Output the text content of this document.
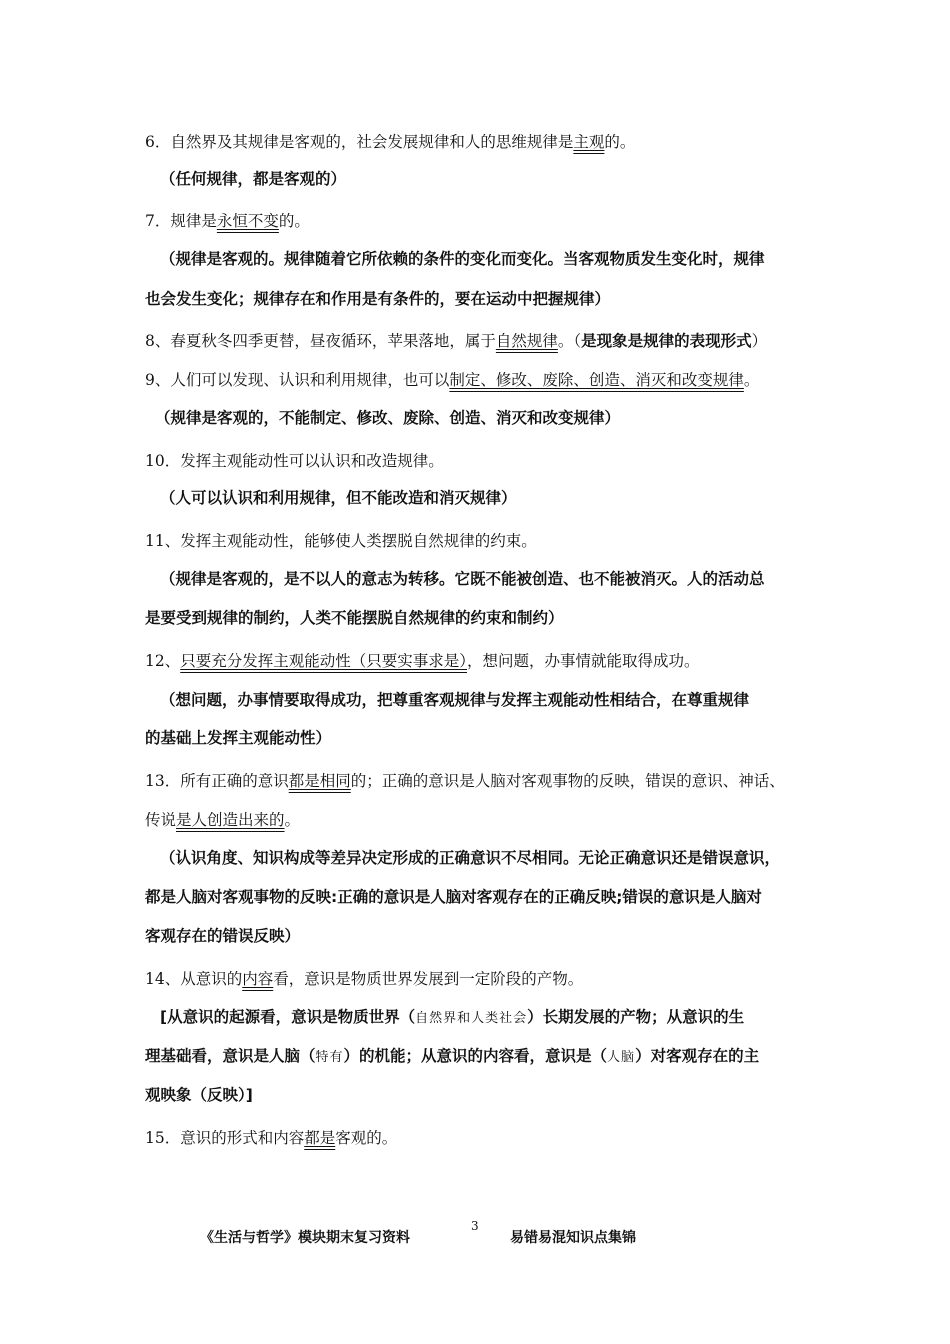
6．自然界及其规律是客观的，社会发展规律和人的思维规律是主观的。
（任何规律，都是客观的）
7．规律是永恒不变的。
（规律是客观的。规律随着它所依赖的条件的变化而变化。当客观物质发生变化时，规律
也会发生变化；规律存在和作用是有条件的，要在运动中把握规律）
8、春夏秋冬四季更替，昼夜循环，苹果落地，属于自然规律。（是现象是规律的表现形式）
9、人们可以发现、认识和利用规律，也可以制定、修改、废除、创造、消灭和改变规律。
（规律是客观的，不能制定、修改、废除、创造、消灭和改变规律）
10．发挥主观能动性可以认识和改造规律。
（人可以认识和利用规律，但不能改造和消灭规律）
11、发挥主观能动性，能够使人类摆脱自然规律的约束。
（规律是客观的，是不以人的意志为转移。它既不能被创造、也不能被消灭。人的活动总
是要受到规律的制约，人类不能摆脱自然规律的约束和制约）
12、只要充分发挥主观能动性（只要实事求是），想问题，办事情就能取得成功。
（想问题，办事情要取得成功，把尊重客观规律与发挥主观能动性相结合，在尊重规律
的基础上发挥主观能动性）
13．所有正确的意识都是相同的；正确的意识是人脑对客观事物的反映，错误的意识、神话、
传说是人创造出来的。
（认识角度、知识构成等差异决定形成的正确意识不尽相同。无论正确意识还是错误意识，
都是人脑对客观事物的反映:正确的意识是人脑对客观存在的正确反映;错误的意识是人脑对
客观存在的错误反映）
14、从意识的内容看，意识是物质世界发展到一定阶段的产物。
[从意识的起源看，意识是物质世界（自然界和人类社会）长期发展的产物；从意识的生
理基础看，意识是人脑（特有）的机能；从意识的内容看，意识是（人脑）对客观存在的主
观映象（反映）]
15．意识的形式和内容都是客观的。
《生活与哲学》模块期末复习资料
3
易错易混知识点集锦
